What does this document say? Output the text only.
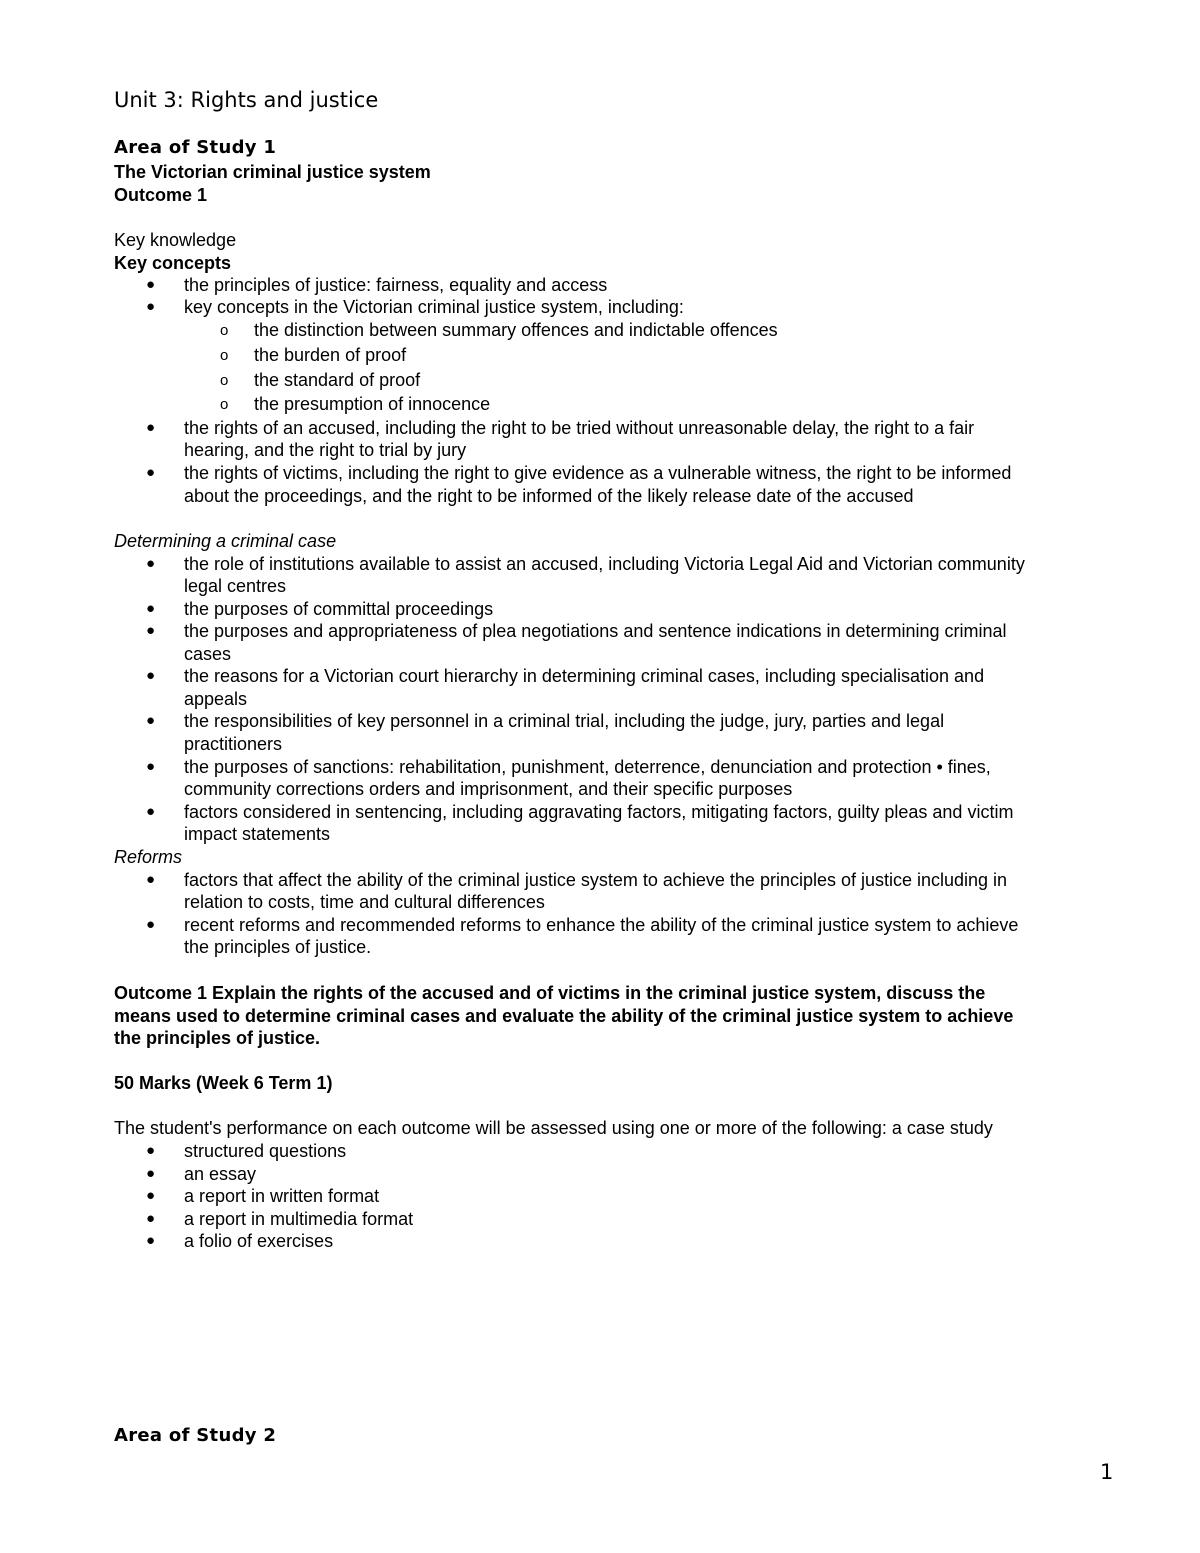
Unit 3: Rights and justice
Area of Study 1
The Victorian criminal justice system
Outcome 1
Key knowledge
Key concepts
● the principles of justice: fairness, equality and access
● key concepts in the Victorian criminal justice system, including:
o the distinction between summary offences and indictable offences
o the burden of proof
o the standard of proof
o the presumption of innocence
● the rights of an accused, including the right to be tried without unreasonable delay, the right to a fair
hearing, and the right to trial by jury
● the rights of victims, including the right to give evidence as a vulnerable witness, the right to be informed
about the proceedings, and the right to be informed of the likely release date of the accused
Determining a criminal case
● the role of institutions available to assist an accused, including Victoria Legal Aid and Victorian community
legal centres
● the purposes of committal proceedings
● the purposes and appropriateness of plea negotiations and sentence indications in determining criminal
cases
● the reasons for a Victorian court hierarchy in determining criminal cases, including specialisation and
appeals
● the responsibilities of key personnel in a criminal trial, including the judge, jury, parties and legal
practitioners
● the purposes of sanctions: rehabilitation, punishment, deterrence, denunciation and protection • fines,
community corrections orders and imprisonment, and their specific purposes
● factors considered in sentencing, including aggravating factors, mitigating factors, guilty pleas and victim
impact statements
Reforms
● factors that affect the ability of the criminal justice system to achieve the principles of justice including in
relation to costs, time and cultural differences
● recent reforms and recommended reforms to enhance the ability of the criminal justice system to achieve
the principles of justice.
Outcome 1 Explain the rights of the accused and of victims in the criminal justice system, discuss the
means used to determine criminal cases and evaluate the ability of the criminal justice system to achieve
the principles of justice.
50 Marks (Week 6 Term 1)
The student's performance on each outcome will be assessed using one or more of the following: a case study
● structured questions
● an essay
● a report in written format
● a report in multimedia format
● a folio of exercises
Area of Study 2
1
